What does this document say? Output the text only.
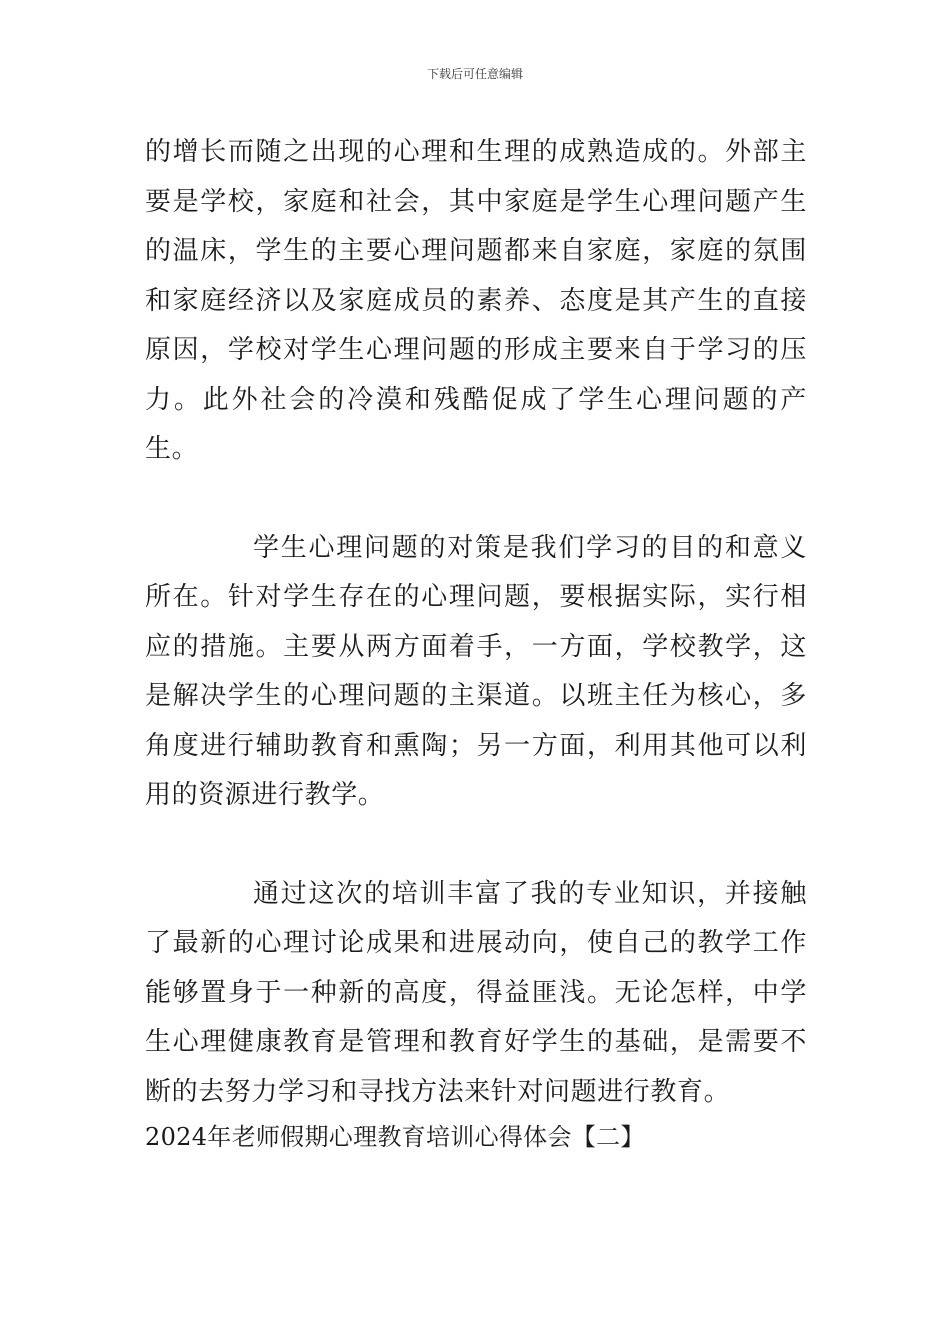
下载后可任意编辑

的增长而随之出现的心理和生理的成熟造成的。外部主要是学校，家庭和社会，其中家庭是学生心理问题产生的温床，学生的主要心理问题都来自家庭，家庭的氛围和家庭经济以及家庭成员的素养、态度是其产生的直接原因，学校对学生心理问题的形成主要来自于学习的压力。此外社会的冷漠和残酷促成了学生心理问题的产生。

学生心理问题的对策是我们学习的目的和意义所在。针对学生存在的心理问题，要根据实际，实行相应的措施。主要从两方面着手，一方面，学校教学，这是解决学生的心理问题的主渠道。以班主任为核心，多角度进行辅助教育和熏陶；另一方面，利用其他可以利用的资源进行教学。

通过这次的培训丰富了我的专业知识，并接触了最新的心理讨论成果和进展动向，使自己的教学工作能够置身于一种新的高度，得益匪浅。无论怎样，中学生心理健康教育是管理和教育好学生的基础，是需要不断的去努力学习和寻找方法来针对问题进行教育。

2024年老师假期心理教育培训心得体会【二】
